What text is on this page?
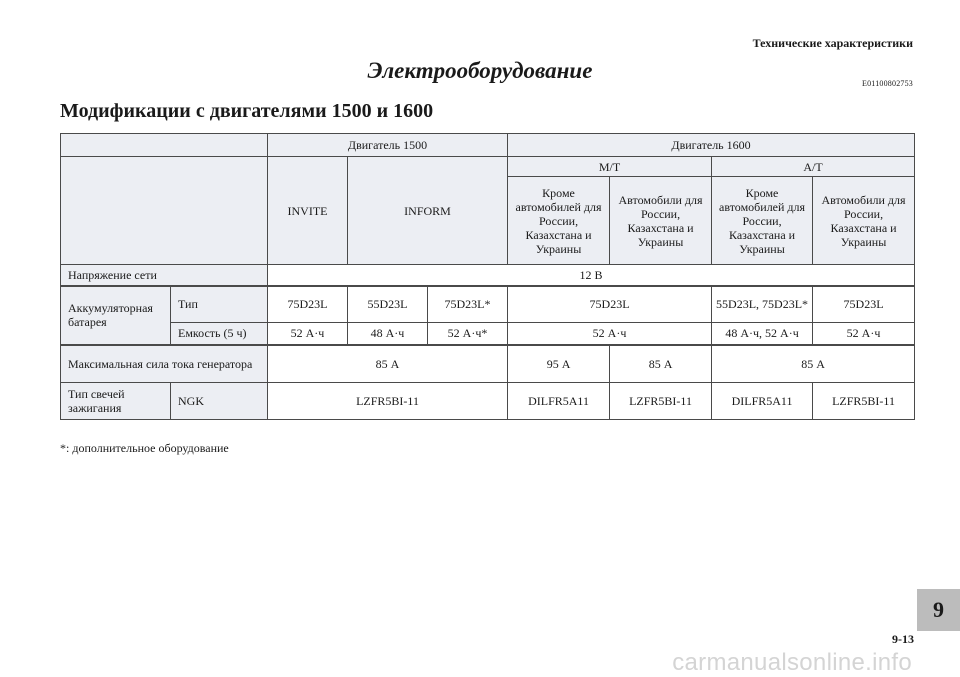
Технические характеристики
Электрооборудование
E01100802753
Модификации с двигателями 1500 и 1600
		Двигатель 1500			Двигатель 1600			
		INVITE	INFORM		M/T		A/T	
					Кроме автомобилей для России, Казахстана и Украины	Автомобили для России, Казахстана и Украины	Кроме автомобилей для России, Казахстана и Украины	Автомобили для России, Казахстана и Украины
Напряжение сети		12 В						
Аккумуляторная батарея	Тип	75D23L	55D23L	75D23L*	75D23L		55D23L, 75D23L*	75D23L
	Емкость (5 ч)	52 А·ч	48 А·ч	52 А·ч*	52 А·ч		48 А·ч, 52 А·ч	52 А·ч
Максимальная сила тока генератора		85 А			95 А	85 А	85 А	
Тип свечей зажигания	NGK	LZFR5BI-11			DILFR5A11	LZFR5BI-11	DILFR5A11	LZFR5BI-11
*: дополнительное оборудование
9
9-13
carmanualsonline.info
